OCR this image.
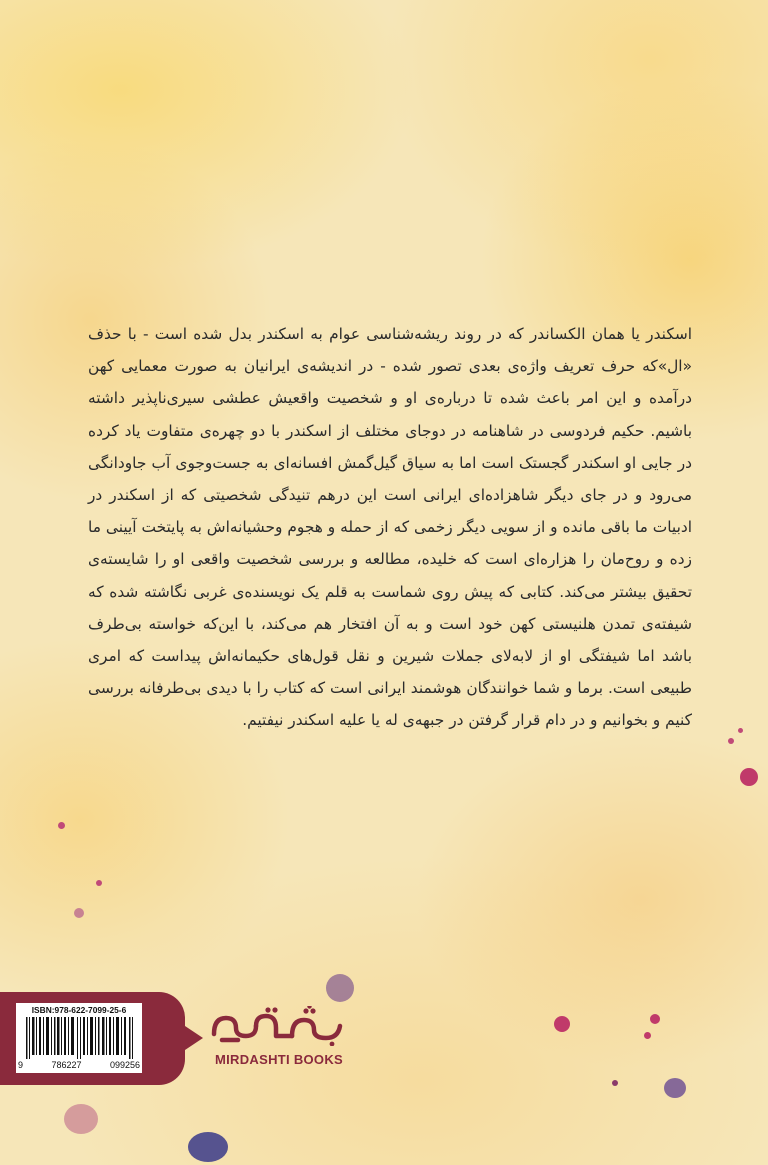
اسکندر یا همان الکساندر که در روند ریشه‌شناسی عوام به اسکندر بدل شده است - با حذف «ال»که حرف تعریف واژه‌ی بعدی تصور شده - در اندیشه‌ی ایرانیان به صورت معمایی کهن درآمده و این امر باعث شده تا درباره‌ی او و شخصیت واقعیش عطشی سیری‌ناپذیر داشته باشیم. حکیم فردوسی در شاهنامه در دوجای مختلف از اسکندر با دو چهره‌ی متفاوت یاد کرده در جایی او اسکندر گجستک است اما به سیاق گیل‌گمش افسانه‌ای به جست‌وجوی آب جاودانگی می‌رود و در جای دیگر شاهزاده‌ای ایرانی است این درهم تنیدگی شخصیتی که از اسکندر در ادبیات ما باقی مانده و از سویی دیگر زخمی که از حمله و هجوم وحشیانه‌اش به پایتخت آیینی ما زده و روح‌مان را هزاره‌ای است که خلیده، مطالعه و بررسی شخصیت واقعی او را شایسته‌ی تحقیق بیشتر می‌کند. کتابی که پیش روی شماست به قلم یک نویسنده‌ی غربی نگاشته شده که شیفته‌ی تمدن هلنیستی کهن خود است و به آن افتخار هم می‌کند، با این‌که خواسته بی‌طرف باشد اما شیفتگی او از لابه‌لای جملات شیرین و نقل قول‌های حکیمانه‌اش پیداست که امری طبیعی است. برما و شما خوانندگان هوشمند ایرانی است که کتاب را با دیدی بی‌طرفانه بررسی کنیم و بخوانیم و در دام قرار گرفتن در جبهه‌ی له یا علیه اسکندر نیفتیم.

ISBN:978-622-7099-25-6
9	786227	099256	MIRDASHTI BOOKS
